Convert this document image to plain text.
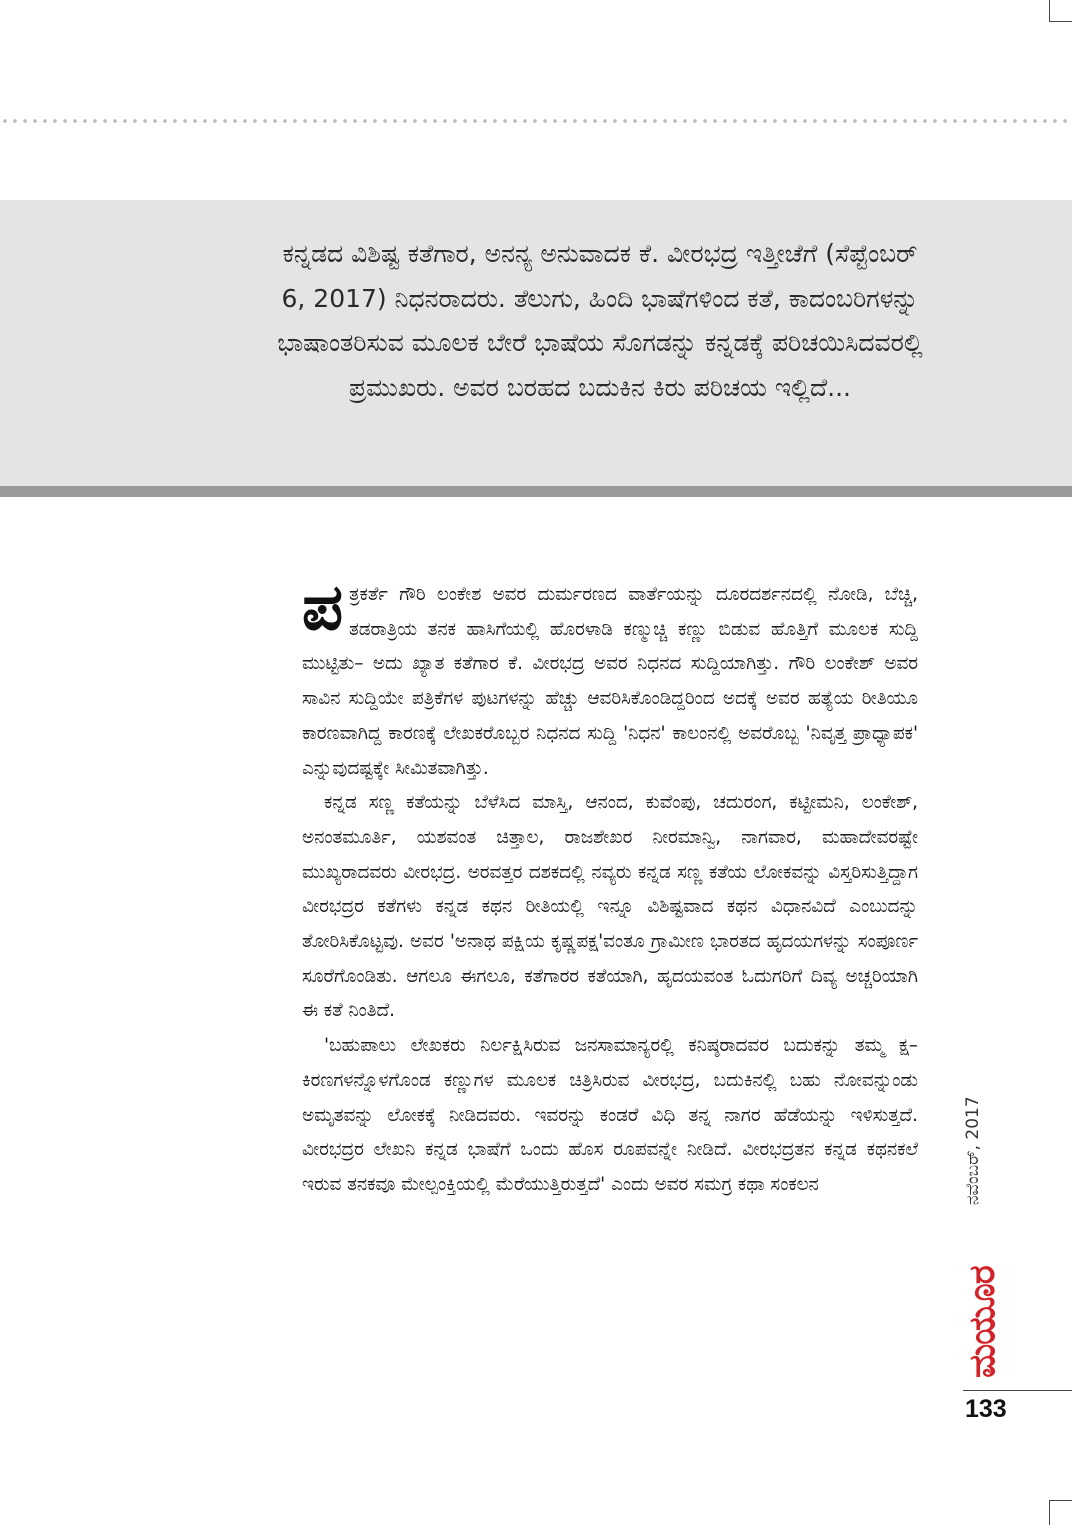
ಕನ್ನಡದ ವಿಶಿಷ್ಟ ಕತೆಗಾರ, ಅನನ್ಯ ಅನುವಾದಕ ಕೆ. ವೀರಭದ್ರ ಇತ್ತೀಚೆಗೆ (ಸೆಪ್ಟೆಂಬರ್ 6, 2017) ನಿಧನರಾದರು. ತೆಲುಗು, ಹಿಂದಿ ಭಾಷೆಗಳಿಂದ ಕತೆ, ಕಾದಂಬರಿಗಳನ್ನು ಭಾಷಾಂತರಿಸುವ ಮೂಲಕ ಬೇರೆ ಭಾಷೆಯ ಸೊಗಡನ್ನು ಕನ್ನಡಕ್ಕೆ ಪರಿಚಯಿಸಿದವರಲ್ಲಿ ಪ್ರಮುಖರು. ಅವರ ಬರಹದ ಬದುಕಿನ ಕಿರು ಪರಿಚಯ ಇಲ್ಲಿದೆ...

ಪತ್ರಕರ್ತೆ ಗೌರಿ ಲಂಕೇಶ ಅವರ ದುರ್ಮರಣದ ವಾರ್ತೆಯನ್ನು ದೂರದರ್ಶನದಲ್ಲಿ ನೋಡಿ, ಬೆಚ್ಚಿ, ತಡರಾತ್ರಿಯ ತನಕ ಹಾಸಿಗೆಯಲ್ಲಿ ಹೊರಳಾಡಿ ಕಣ್ಮುಚ್ಚಿ ಕಣ್ಣು ಬಿಡುವ ಹೊತ್ತಿಗೆ ಮೂಲಕ ಸುದ್ದಿ ಮುಟ್ಟಿತು– ಅದು ಖ್ಯಾತ ಕತೆಗಾರ ಕೆ. ವೀರಭದ್ರ ಅವರ ನಿಧನದ ಸುದ್ದಿಯಾಗಿತ್ತು. ಗೌರಿ ಲಂಕೇಶ್ ಅವರ ಸಾವಿನ ಸುದ್ದಿಯೇ ಪತ್ರಿಕೆಗಳ ಪುಟಗಳನ್ನು ಹೆಚ್ಚು ಆವರಿಸಿಕೊಂಡಿದ್ದರಿಂದ ಅದಕ್ಕೆ ಅವರ ಹತ್ಯೆಯ ರೀತಿಯೂ ಕಾರಣವಾಗಿದ್ದ ಕಾರಣಕ್ಕೆ ಲೇಖಕರೊಬ್ಬರ ನಿಧನದ ಸುದ್ದಿ 'ನಿಧನ' ಕಾಲಂನಲ್ಲಿ ಅವರೊಬ್ಬ 'ನಿವೃತ್ತ ಪ್ರಾಧ್ಯಾಪಕ' ಎನ್ನುವುದಷ್ಟಕ್ಕೇ ಸೀಮಿತವಾಗಿತ್ತು.

ಕನ್ನಡ ಸಣ್ಣ ಕತೆಯನ್ನು ಬೆಳೆಸಿದ ಮಾಸ್ತಿ, ಆನಂದ, ಕುವೆಂಪು, ಚದುರಂಗ, ಕಟ್ಟೀಮನಿ, ಲಂಕೇಶ್, ಅನಂತಮೂರ್ತಿ, ಯಶವಂತ ಚಿತ್ತಾಲ, ರಾಜಶೇಖರ ನೀರಮಾನ್ವಿ, ನಾಗವಾರ, ಮಹಾದೇವರಷ್ಟೇ ಮುಖ್ಯರಾದವರು ವೀರಭದ್ರ. ಅರವತ್ತರ ದಶಕದಲ್ಲಿ ನವ್ಯರು ಕನ್ನಡ ಸಣ್ಣ ಕತೆಯ ಲೋಕವನ್ನು ವಿಸ್ತರಿಸುತ್ತಿದ್ದಾಗ ವೀರಭದ್ರರ ಕತೆಗಳು ಕನ್ನಡ ಕಥನ ರೀತಿಯಲ್ಲಿ ಇನ್ನೂ ವಿಶಿಷ್ಟವಾದ ಕಥನ ವಿಧಾನವಿದೆ ಎಂಬುದನ್ನು ತೋರಿಸಿಕೊಟ್ಟವು. ಅವರ 'ಅನಾಥ ಪಕ್ಷಿಯ ಕೃಷ್ಣಪಕ್ಷ'ವಂತೂ ಗ್ರಾಮೀಣ ಭಾರತದ ಹೃದಯಗಳನ್ನು ಸಂಪೂರ್ಣ ಸೂರೆಗೊಂಡಿತು. ಆಗಲೂ ಈಗಲೂ, ಕತೆಗಾರರ ಕತೆಯಾಗಿ, ಹೃದಯವಂತ ಓದುಗರಿಗೆ ದಿವ್ಯ ಅಚ್ಚರಿಯಾಗಿ ಈ ಕತೆ ನಿಂತಿದೆ.

'ಬಹುಪಾಲು ಲೇಖಕರು ನಿರ್ಲಕ್ಷಿಸಿರುವ ಜನಸಾಮಾನ್ಯರಲ್ಲಿ ಕನಿಷ್ಠರಾದವರ ಬದುಕನ್ನು ತಮ್ಮ ಕ್ಷ–ಕಿರಣಗಳನ್ನೊಳಗೊಂಡ ಕಣ್ಣುಗಳ ಮೂಲಕ ಚಿತ್ರಿಸಿರುವ ವೀರಭದ್ರ, ಬದುಕಿನಲ್ಲಿ ಬಹು ನೋವನ್ನುಂಡು ಅಮೃತವನ್ನು ಲೋಕಕ್ಕೆ ನೀಡಿದವರು. ಇವರನ್ನು ಕಂಡರೆ ವಿಧಿ ತನ್ನ ನಾಗರ ಹೆಡೆಯನ್ನು ಇಳಿಸುತ್ತದೆ. ವೀರಭದ್ರರ ಲೇಖನಿ ಕನ್ನಡ ಭಾಷೆಗೆ ಒಂದು ಹೊಸ ರೂಪವನ್ನೇ ನೀಡಿದೆ. ವೀರಭದ್ರತನ ಕನ್ನಡ ಕಥನಕಲೆ ಇರುವ ತನಕವೂ ಮೇಲ್ಪಂಕ್ತಿಯಲ್ಲಿ ಮೆರೆಯುತ್ತಿರುತ್ತದೆ' ಎಂದು ಅವರ ಸಮಗ್ರ ಕಥಾ ಸಂಕಲನ	ನವೆಂಬರ್, 2017
ಮಯೂರ
133
